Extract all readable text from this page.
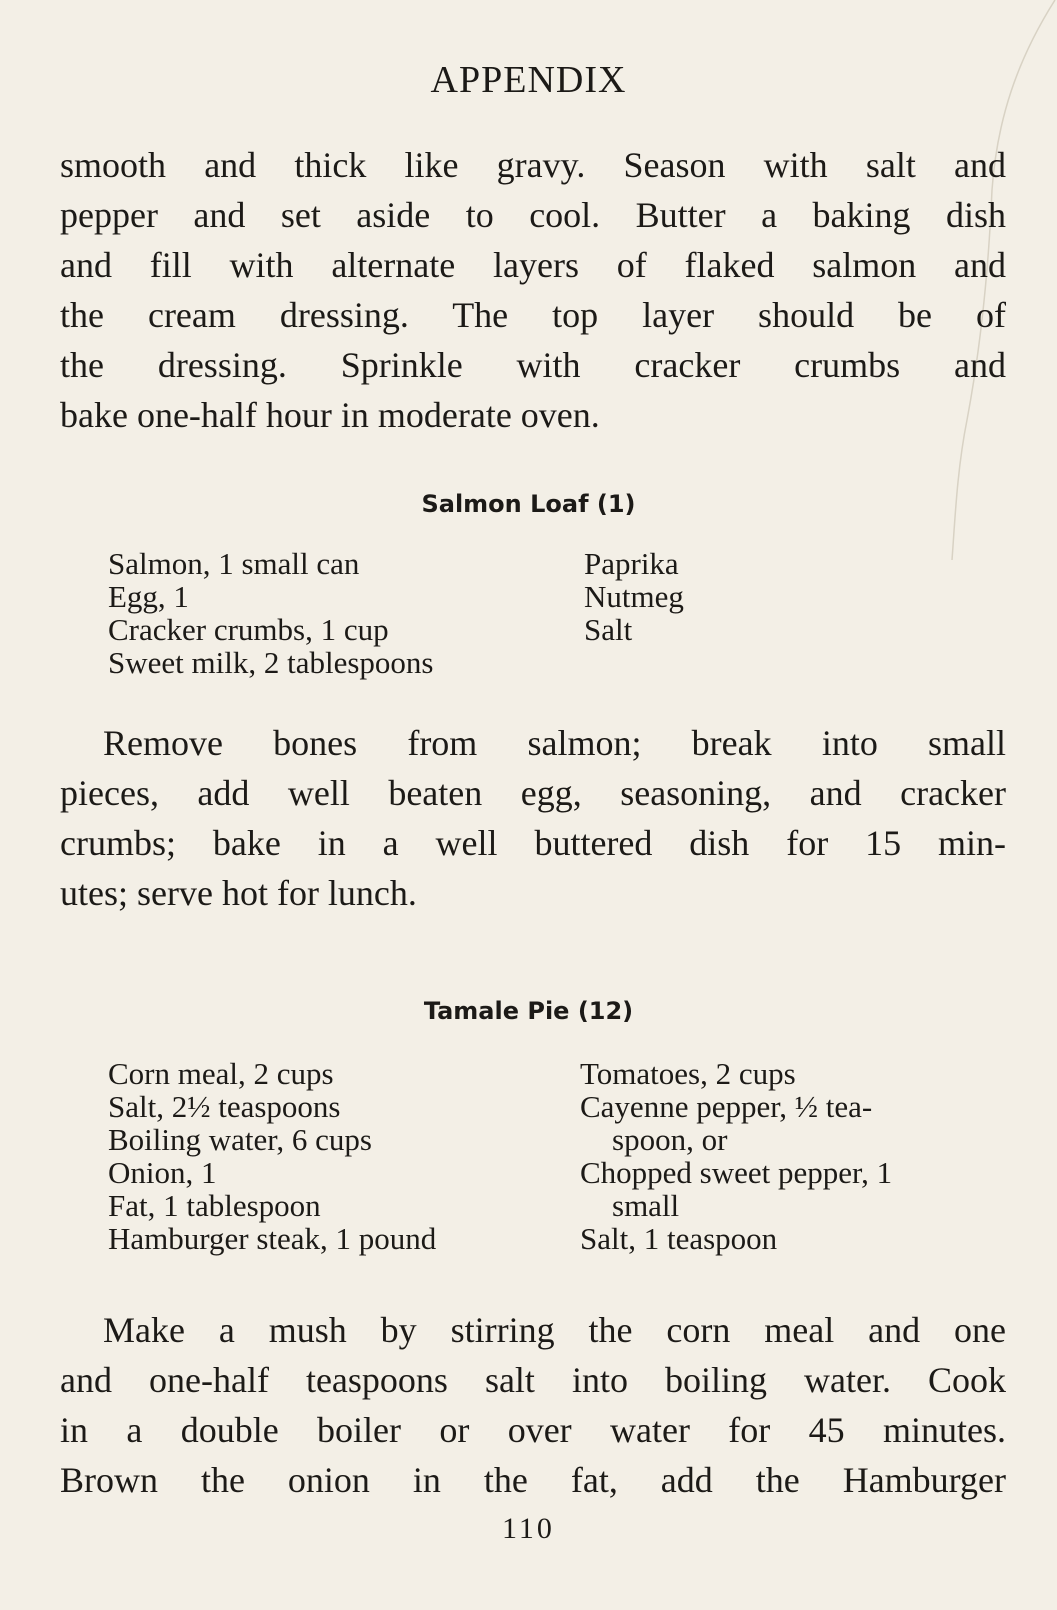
APPENDIX
smooth and thick like gravy. Season with salt and
pepper and set aside to cool. Butter a baking dish
and fill with alternate layers of flaked salmon and
the cream dressing. The top layer should be of
the dressing. Sprinkle with cracker crumbs and
bake one-half hour in moderate oven.
Salmon Loaf (1)
Salmon, 1 small can
Egg, 1
Cracker crumbs, 1 cup
Sweet milk, 2 tablespoons
Paprika
Nutmeg
Salt
Remove bones from salmon; break into small
pieces, add well beaten egg, seasoning, and cracker
crumbs; bake in a well buttered dish for 15 min-
utes; serve hot for lunch.
Tamale Pie (12)
Corn meal, 2 cups
Salt, 2½ teaspoons
Boiling water, 6 cups
Onion, 1
Fat, 1 tablespoon
Hamburger steak, 1 pound
Tomatoes, 2 cups
Cayenne pepper, ½ tea-
spoon, or
Chopped sweet pepper, 1
small
Salt, 1 teaspoon
Make a mush by stirring the corn meal and one
and one-half teaspoons salt into boiling water. Cook
in a double boiler or over water for 45 minutes.
Brown the onion in the fat, add the Hamburger
110
